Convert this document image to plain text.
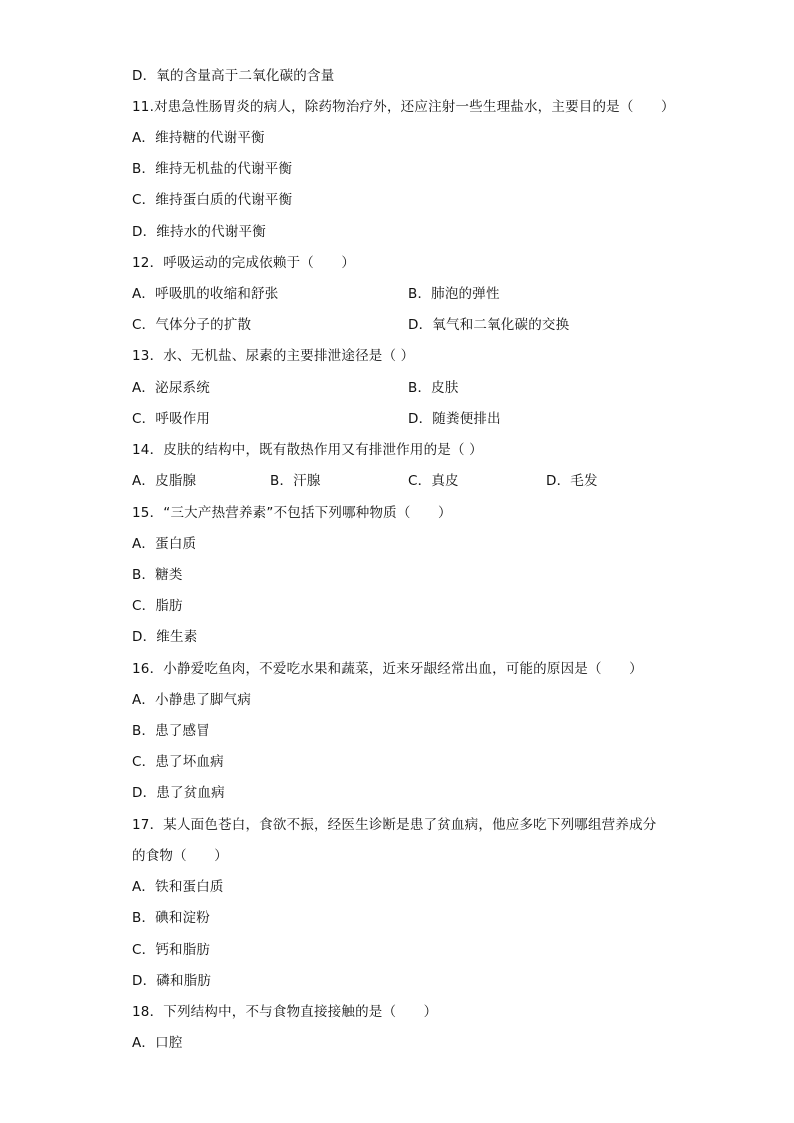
D．氧的含量高于二氧化碳的含量
11.对患急性肠胃炎的病人，除药物治疗外，还应注射一些生理盐水，主要目的是（　　）
A．维持糖的代谢平衡
B．维持无机盐的代谢平衡
C．维持蛋白质的代谢平衡
D．维持水的代谢平衡
12．呼吸运动的完成依赖于（　　）
A．呼吸肌的收缩和舒张	B．肺泡的弹性
C．气体分子的扩散	D．氧气和二氧化碳的交换
13．水、无机盐、尿素的主要排泄途径是（ ）
A．泌尿系统	B．皮肤
C．呼吸作用	D．随粪便排出
14．皮肤的结构中，既有散热作用又有排泄作用的是（ ）
A．皮脂腺	B．汗腺	C．真皮	D．毛发
15．“三大产热营养素”不包括下列哪种物质（　　）
A．蛋白质
B．糖类
C．脂肪
D．维生素
16．小静爱吃鱼肉，不爱吃水果和蔬菜，近来牙龈经常出血，可能的原因是（　　）
A．小静患了脚气病
B．患了感冒
C．患了坏血病
D．患了贫血病
17．某人面色苍白，食欲不振，经医生诊断是患了贫血病，他应多吃下列哪组营养成分
的食物（　　）
A．铁和蛋白质
B．碘和淀粉
C．钙和脂肪
D．磷和脂肪
18．下列结构中，不与食物直接接触的是（　　）
A．口腔
